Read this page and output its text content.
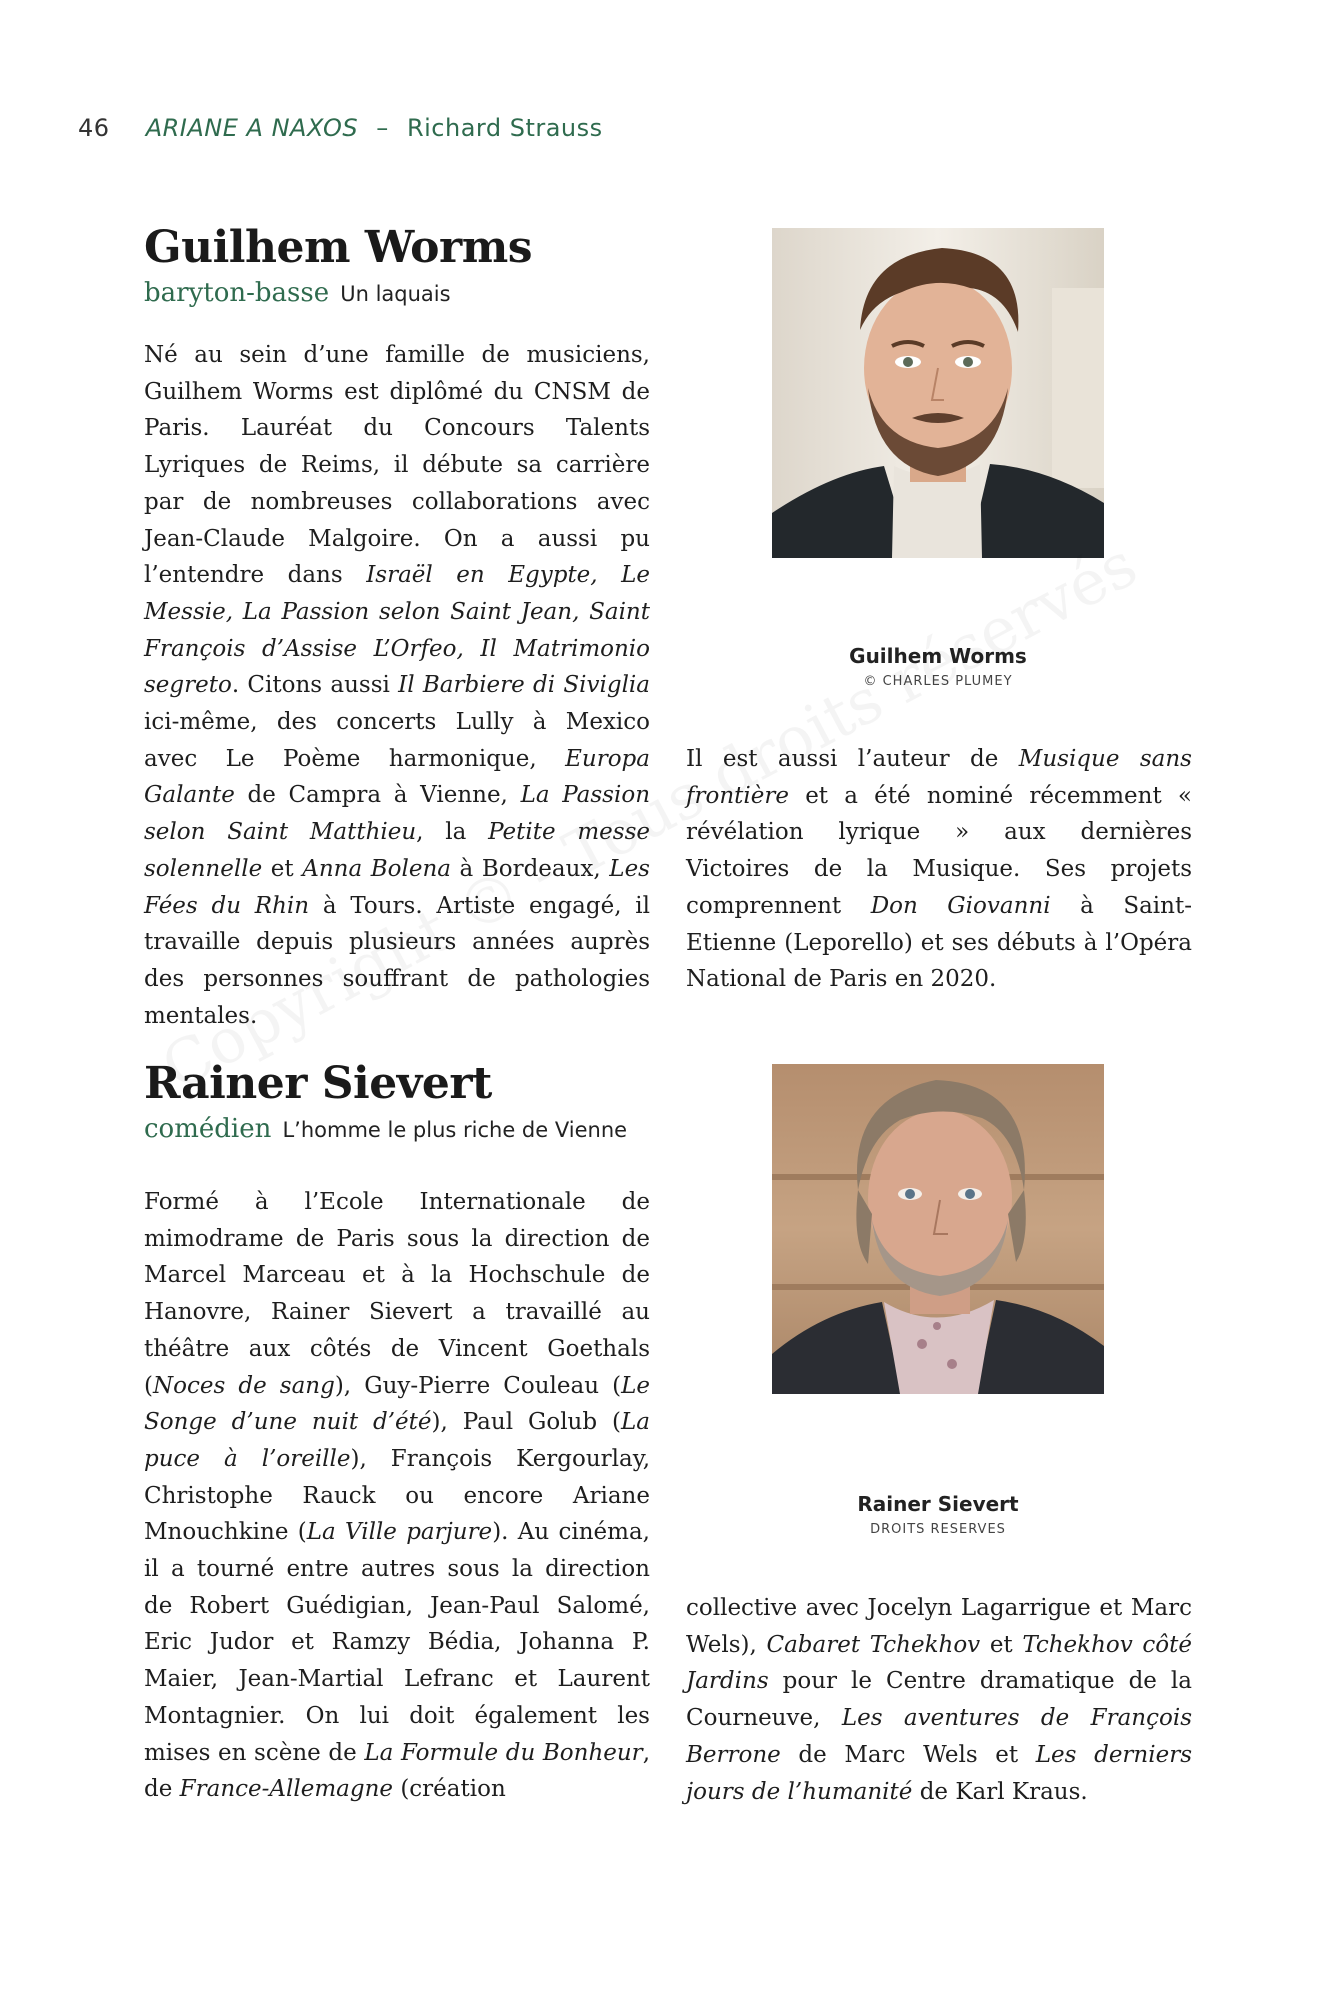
46 ARIANE A NAXOS – Richard Strauss
Guilhem Worms
baryton-basse Un laquais

Né au sein d’une famille de musiciens, Guilhem Worms est diplômé du CNSM de Paris. Lauréat du Concours Talents Lyriques de Reims, il débute sa carrière par de nombreuses collaborations avec Jean-Claude Malgoire. On a aussi pu l’entendre dans Israël en Egypte, Le Messie, La Passion selon Saint Jean, Saint François d’Assise L’Orfeo, Il Matrimonio segreto. Citons aussi Il Barbiere di Siviglia ici-même, des concerts Lully à Mexico avec Le Poème harmonique, Europa Galante de Campra à Vienne, La Passion selon Saint Matthieu, la Petite messe solennelle et Anna Bolena à Bordeaux, Les Fées du Rhin à Tours. Artiste engagé, il travaille depuis plusieurs années auprès des personnes souffrant de pathologies mentales.

Guilhem Worms
© CHARLES PLUMEY

Il est aussi l’auteur de Musique sans frontière et a été nominé récemment « révélation lyrique » aux dernières Victoires de la Musique. Ses projets comprennent Don Giovanni à Saint-Etienne (Leporello) et ses débuts à l’Opéra National de Paris en 2020.

Rainer Sievert
comédien L’homme le plus riche de Vienne

Formé à l’Ecole Internationale de mimodrame de Paris sous la direction de Marcel Marceau et à la Hochschule de Hanovre, Rainer Sievert a travaillé au théâtre aux côtés de Vincent Goethals (Noces de sang), Guy-Pierre Couleau (Le Songe d’une nuit d’été), Paul Golub (La puce à l’oreille), François Kergourlay, Christophe Rauck ou encore Ariane Mnouchkine (La Ville parjure). Au cinéma, il a tourné entre autres sous la direction de Robert Guédigian, Jean-Paul Salomé, Eric Judor et Ramzy Bédia, Johanna P. Maier, Jean-Martial Lefranc et Laurent Montagnier. On lui doit également les mises en scène de La Formule du Bonheur, de France-Allemagne (création

Rainer Sievert
DROITS RESERVES

collective avec Jocelyn Lagarrigue et Marc Wels), Cabaret Tchekhov et Tchekhov côté Jardins pour le Centre dramatique de la Courneuve, Les aventures de François Berrone de Marc Wels et Les derniers jours de l’humanité de Karl Kraus.
